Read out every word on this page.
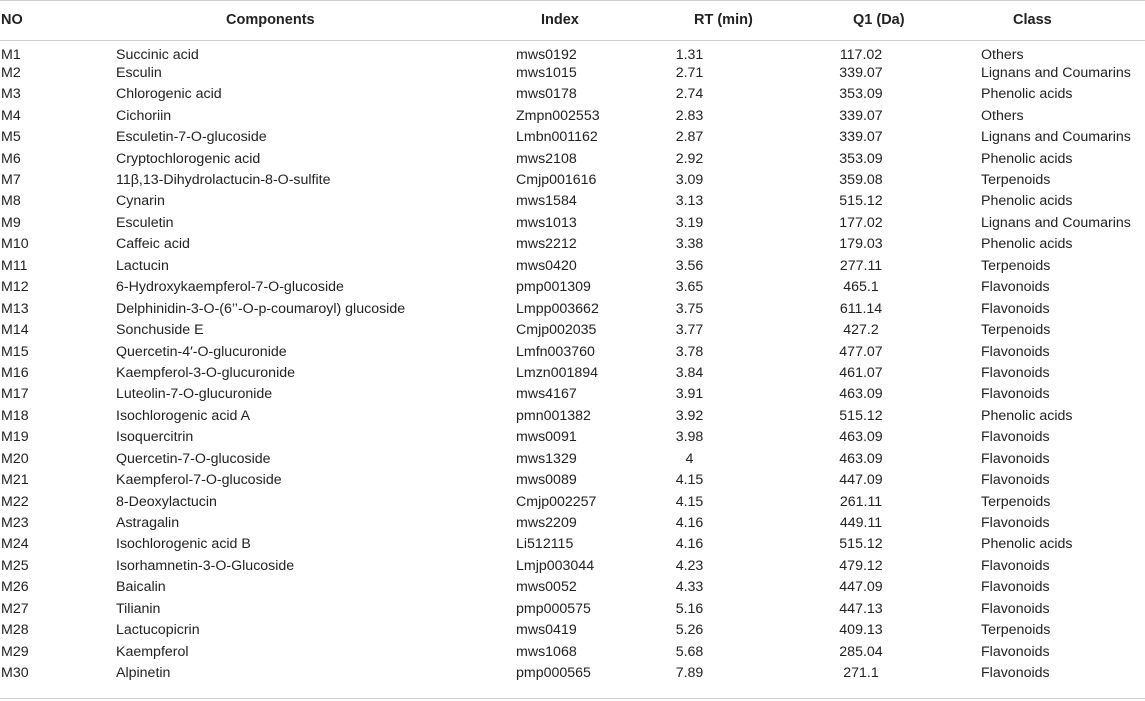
NO	Components	Index	RT (min)	Q1 (Da)	Class
M1	Succinic acid	mws0192	1.31	117.02	Others
M2	Esculin	mws1015	2.71	339.07	Lignans and Coumarins
M3	Chlorogenic acid	mws0178	2.74	353.09	Phenolic acids
M4	Cichoriin	Zmpn002553	2.83	339.07	Others
M5	Esculetin-7-O-glucoside	Lmbn001162	2.87	339.07	Lignans and Coumarins
M6	Cryptochlorogenic acid	mws2108	2.92	353.09	Phenolic acids
M7	11β,13-Dihydrolactucin-8-O-sulfite	Cmjp001616	3.09	359.08	Terpenoids
M8	Cynarin	mws1584	3.13	515.12	Phenolic acids
M9	Esculetin	mws1013	3.19	177.02	Lignans and Coumarins
M10	Caffeic acid	mws2212	3.38	179.03	Phenolic acids
M11	Lactucin	mws0420	3.56	277.11	Terpenoids
M12	6-Hydroxykaempferol-7-O-glucoside	pmp001309	3.65	465.1	Flavonoids
M13	Delphinidin-3-O-(6’’-O-p-coumaroyl) glucoside	Lmpp003662	3.75	611.14	Flavonoids
M14	Sonchuside E	Cmjp002035	3.77	427.2	Terpenoids
M15	Quercetin-4′-O-glucuronide	Lmfn003760	3.78	477.07	Flavonoids
M16	Kaempferol-3-O-glucuronide	Lmzn001894	3.84	461.07	Flavonoids
M17	Luteolin-7-O-glucuronide	mws4167	3.91	463.09	Flavonoids
M18	Isochlorogenic acid A	pmn001382	3.92	515.12	Phenolic acids
M19	Isoquercitrin	mws0091	3.98	463.09	Flavonoids
M20	Quercetin-7-O-glucoside	mws1329	4	463.09	Flavonoids
M21	Kaempferol-7-O-glucoside	mws0089	4.15	447.09	Flavonoids
M22	8-Deoxylactucin	Cmjp002257	4.15	261.11	Terpenoids
M23	Astragalin	mws2209	4.16	449.11	Flavonoids
M24	Isochlorogenic acid B	Li512115	4.16	515.12	Phenolic acids
M25	Isorhamnetin-3-O-Glucoside	Lmjp003044	4.23	479.12	Flavonoids
M26	Baicalin	mws0052	4.33	447.09	Flavonoids
M27	Tilianin	pmp000575	5.16	447.13	Flavonoids
M28	Lactucopicrin	mws0419	5.26	409.13	Terpenoids
M29	Kaempferol	mws1068	5.68	285.04	Flavonoids
M30	Alpinetin	pmp000565	7.89	271.1	Flavonoids
